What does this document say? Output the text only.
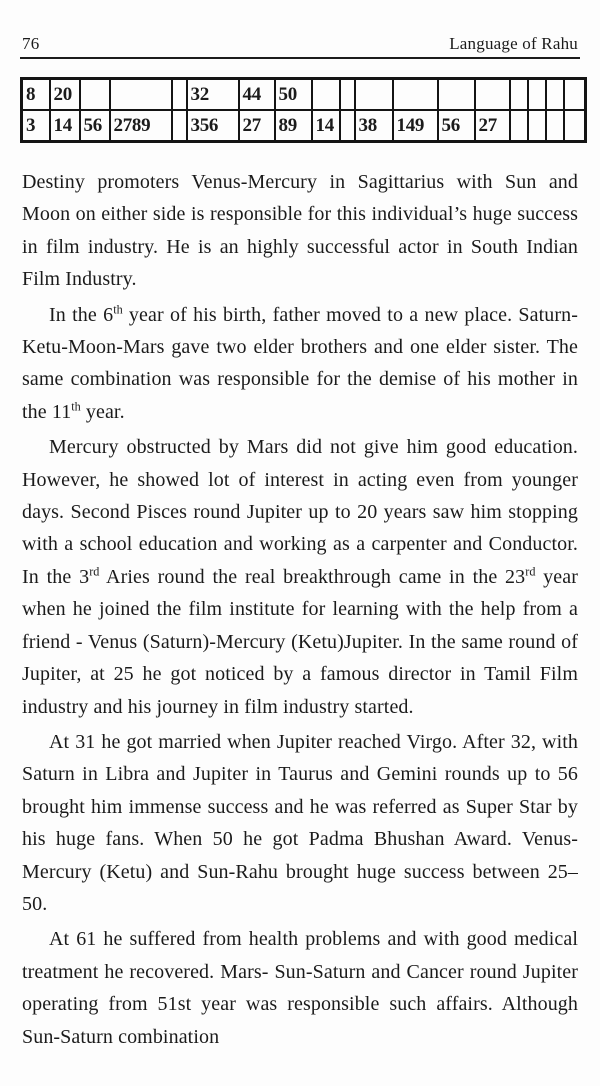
76	Language of Rahu
8	20				32	44	50										
3	14	56	2789		356	27	89	14		38	149	56	27				

Destiny promoters Venus-Mercury in Sagittarius with Sun and Moon on either side is responsible for this individual’s huge success in film industry. He is an highly successful actor in South Indian Film Industry.

In the 6th year of his birth, father moved to a new place. Saturn-Ketu-Moon-Mars gave two elder brothers and one elder sister. The same combination was responsible for the demise of his mother in the 11th year.

Mercury obstructed by Mars did not give him good education. However, he showed lot of interest in acting even from younger days. Second Pisces round Jupiter up to 20 years saw him stopping with a school education and working as a carpenter and Conductor. In the 3rd Aries round the real breakthrough came in the 23rd year when he joined the film institute for learning with the help from a friend - Venus (Saturn)-Mercury (Ketu)Jupiter. In the same round of Jupiter, at 25 he got noticed by a famous director in Tamil Film industry and his journey in film industry started.

At 31 he got married when Jupiter reached Virgo. After 32, with Saturn in Libra and Jupiter in Taurus and Gemini rounds up to 56 brought him immense success and he was referred as Super Star by his huge fans. When 50 he got Padma Bhushan Award. Venus-Mercury (Ketu) and Sun-Rahu brought huge success between 25–50.

At 61 he suffered from health problems and with good medical treatment he recovered. Mars- Sun-Saturn and Cancer round Jupiter operating from 51st year was responsible such affairs. Although Sun-Saturn combination
